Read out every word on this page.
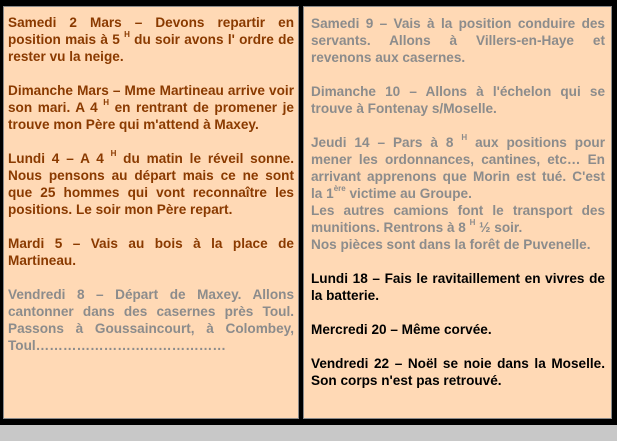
Samedi 2 Mars – Devons repartir en position mais à 5 $^H$ du soir avons l' ordre de rester vu la neige.

Dimanche Mars – Mme Martineau arrive voir son mari. A 4 $^H$ en rentrant de promener je trouve mon Père qui m'attend à Maxey.

Lundi 4 – A 4 $^H$ du matin le réveil sonne. Nous pensons au départ mais ce ne sont que 25 hommes qui vont reconnaître les positions. Le soir mon Père repart.

Mardi 5 – Vais au bois à la place de Martineau.

Vendredi 8 – Départ de Maxey. Allons cantonner dans des casernes près Toul. Passons à Goussaincourt, à Colombey, Toul……………………………………

Samedi 9 – Vais à la position conduire des servants. Allons à Villers-en-Haye et revenons aux casernes.

Dimanche 10 – Allons à l'échelon qui se trouve à Fontenay s/Moselle.

Jeudi 14 – Pars à 8 $^H$ aux positions pour mener les ordonnances, cantines, etc… En arrivant apprenons que Morin est tué. C'est la 1ère victime au Groupe.
Les autres camions font le transport des munitions. Rentrons à 8 $^H$ ½ soir.
Nos pièces sont dans la forêt de Puvenelle.

Lundi 18 – Fais le ravitaillement en vivres de la batterie.

Mercredi 20 – Même corvée.

Vendredi 22 – Noël se noie dans la Moselle. Son corps n'est pas retrouvé.
